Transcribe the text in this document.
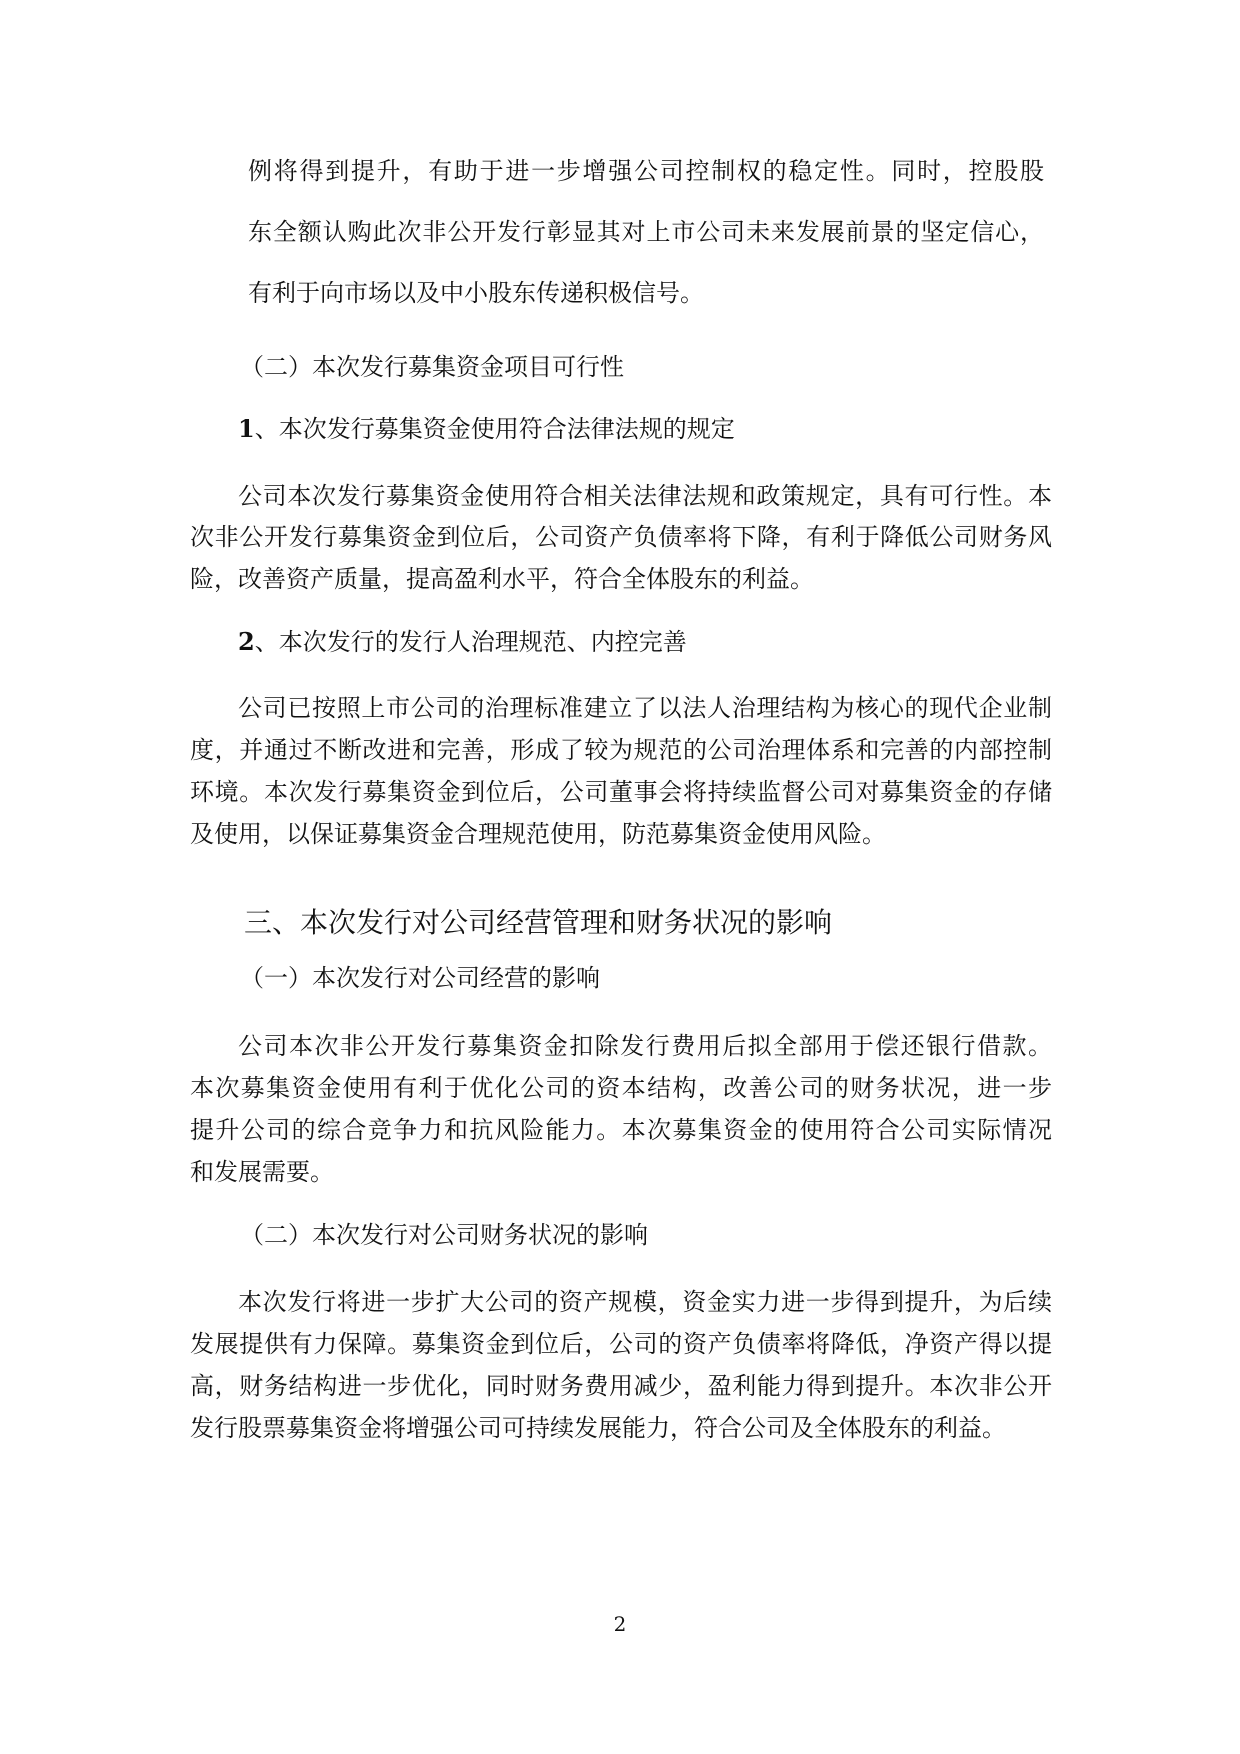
例将得到提升，有助于进一步增强公司控制权的稳定性。同时，控股股
东全额认购此次非公开发行彰显其对上市公司未来发展前景的坚定信心，
有利于向市场以及中小股东传递积极信号。
（二）本次发行募集资金项目可行性
1、本次发行募集资金使用符合法律法规的规定
公司本次发行募集资金使用符合相关法律法规和政策规定，具有可行性。本
次非公开发行募集资金到位后，公司资产负债率将下降，有利于降低公司财务风
险，改善资产质量，提高盈利水平，符合全体股东的利益。
2、本次发行的发行人治理规范、内控完善
公司已按照上市公司的治理标准建立了以法人治理结构为核心的现代企业制
度，并通过不断改进和完善，形成了较为规范的公司治理体系和完善的内部控制
环境。本次发行募集资金到位后，公司董事会将持续监督公司对募集资金的存储
及使用，以保证募集资金合理规范使用，防范募集资金使用风险。
三、本次发行对公司经营管理和财务状况的影响
（一）本次发行对公司经营的影响
公司本次非公开发行募集资金扣除发行费用后拟全部用于偿还银行借款。
本次募集资金使用有利于优化公司的资本结构，改善公司的财务状况，进一步
提升公司的综合竞争力和抗风险能力。本次募集资金的使用符合公司实际情况
和发展需要。
（二）本次发行对公司财务状况的影响
本次发行将进一步扩大公司的资产规模，资金实力进一步得到提升，为后续
发展提供有力保障。募集资金到位后，公司的资产负债率将降低，净资产得以提
高，财务结构进一步优化，同时财务费用减少，盈利能力得到提升。本次非公开
发行股票募集资金将增强公司可持续发展能力，符合公司及全体股东的利益。
2
